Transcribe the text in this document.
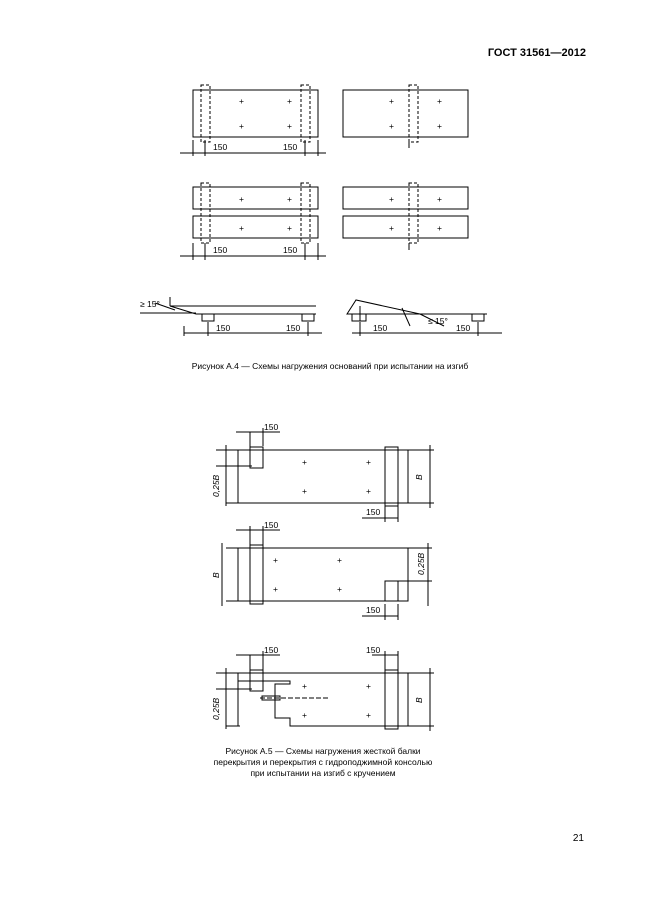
ГОСТ 31561—2012
+	+
+	+
+	+
+	+
+	+
+	+
+	+
+	+
150	150
150	150
150	150	150	150
≥ 15°
≤ 15°
Рисунок А.4 — Схемы нагружения оснований при испытании на изгиб
+	+
+	+
+	+
+	+
+	+
+	+
150
150
150
150
150	150
B
B
B
0,25B
0,25B
0,25B
Рисунок А.5 — Схемы нагружения жесткой балки
перекрытия и перекрытия с гидроподжимной консолью
при испытании на изгиб с кручением
21
